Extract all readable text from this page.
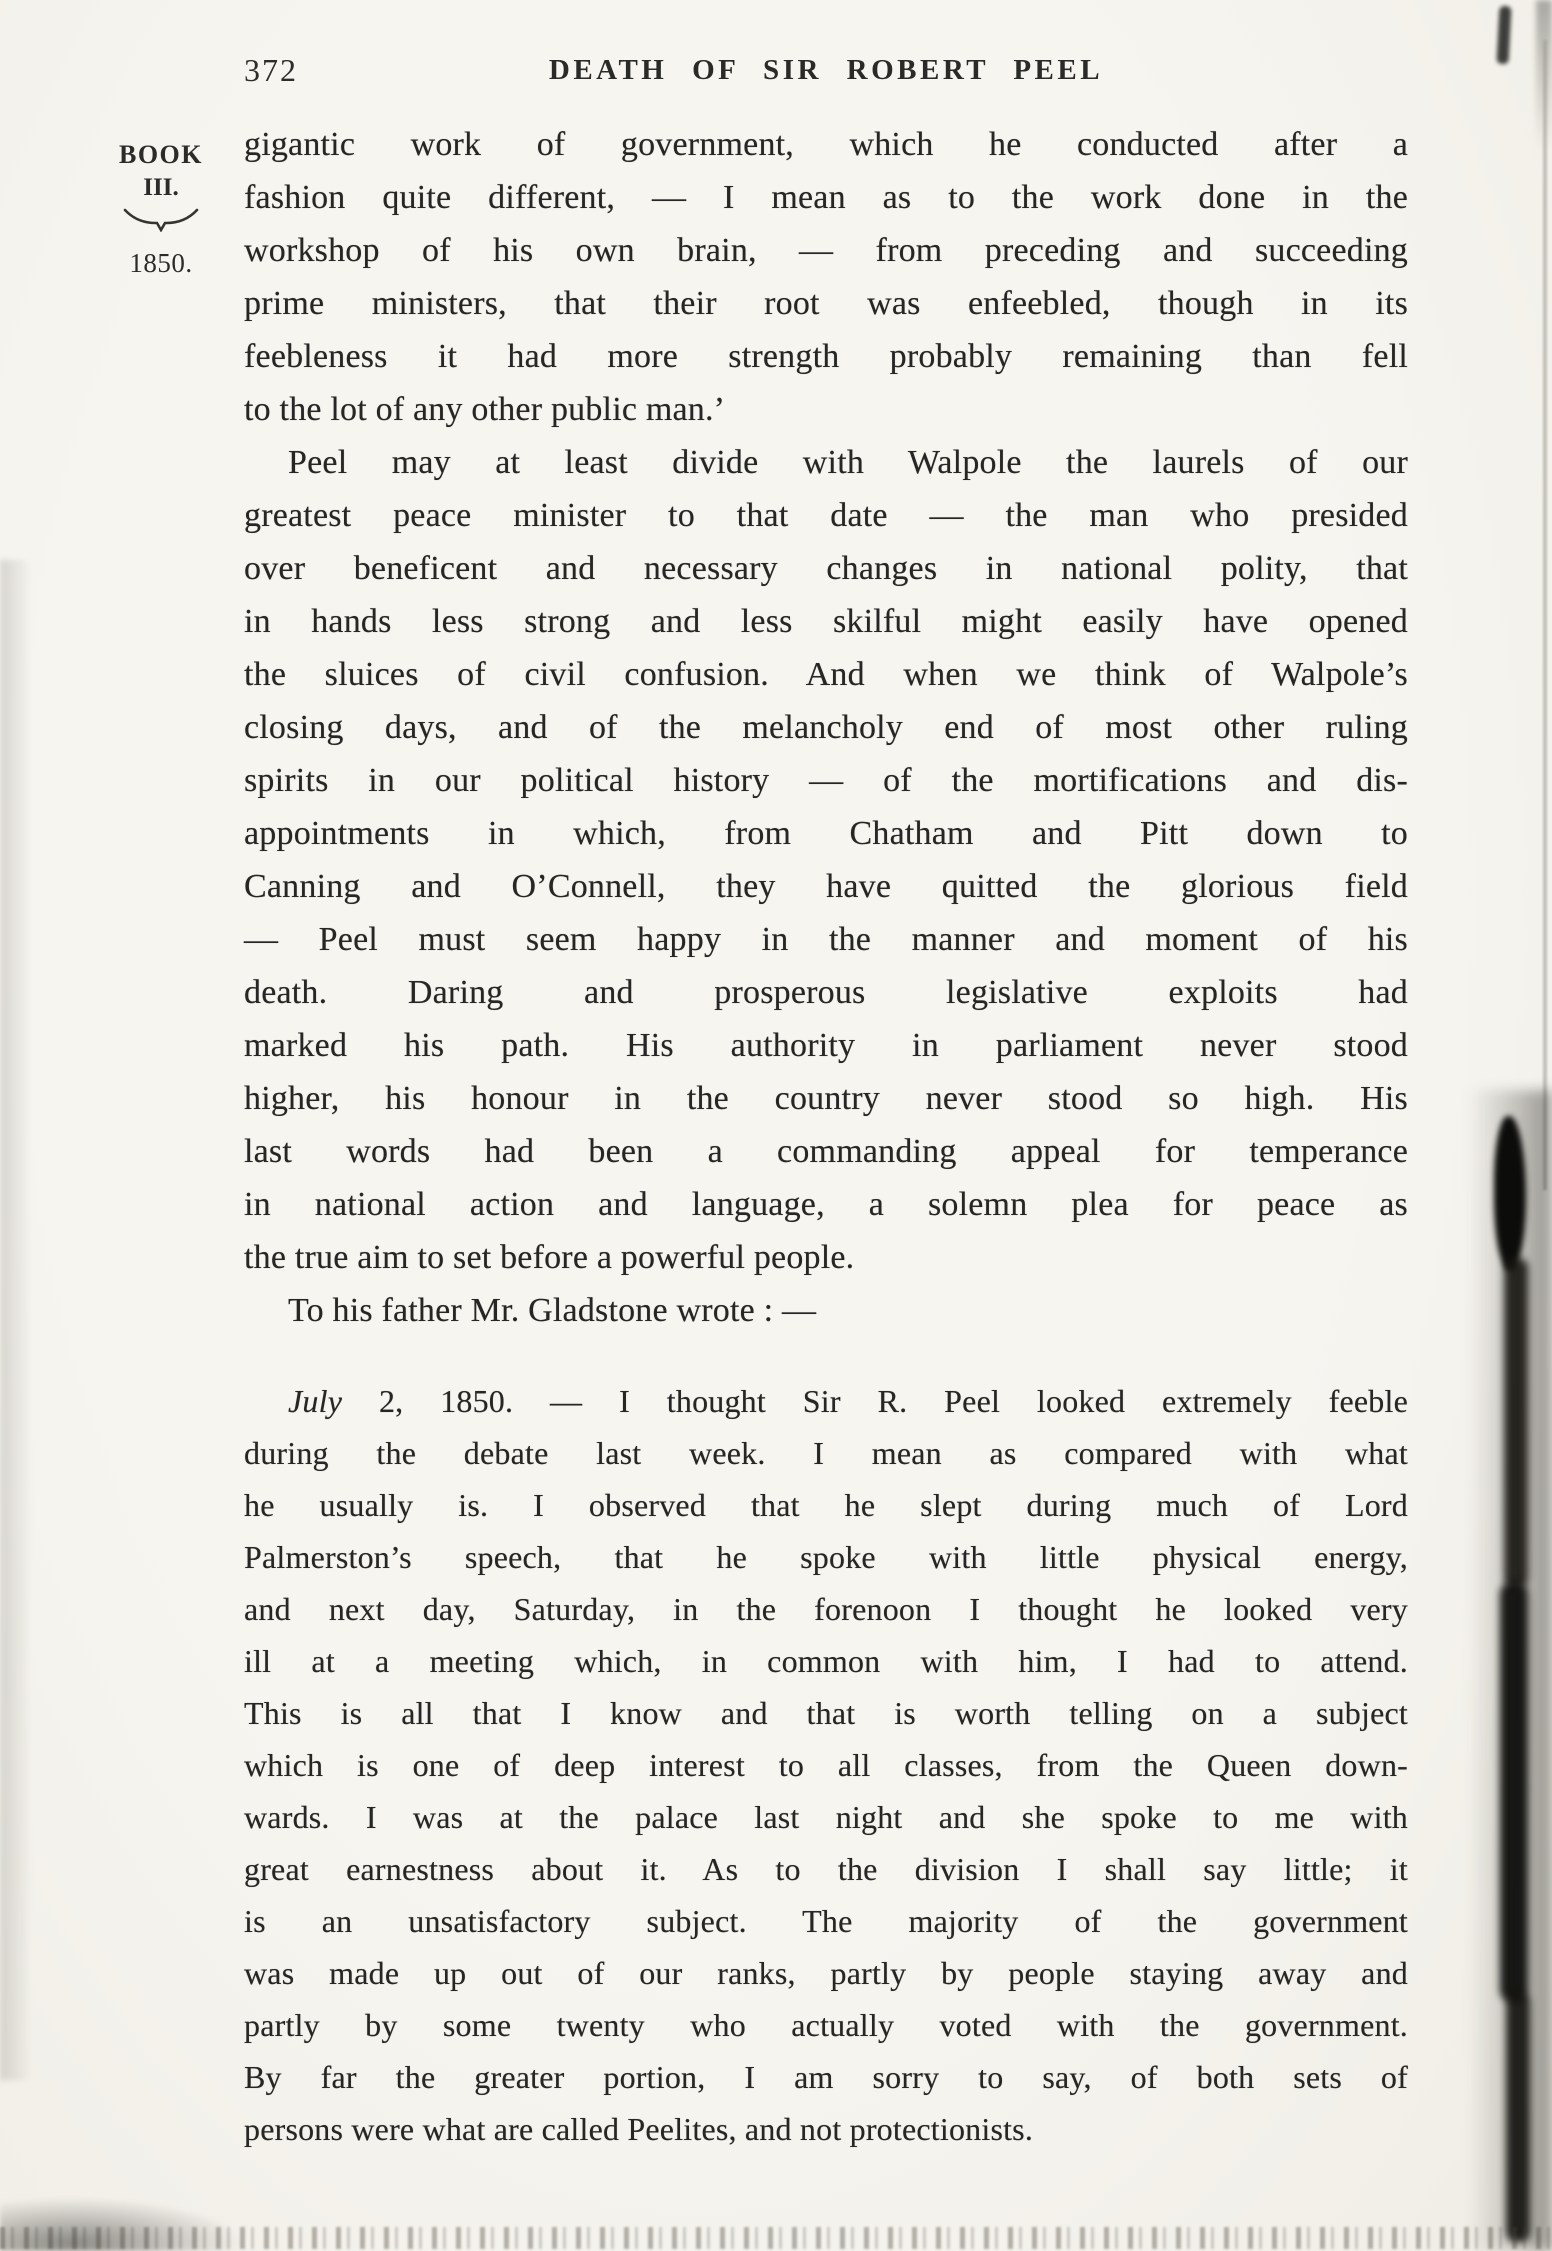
372	DEATH OF SIR ROBERT PEEL
BOOK
III.
1850.
gigantic work of government, which he conducted after a
fashion quite different, — I mean as to the work done in the
workshop of his own brain, — from preceding and succeeding
prime ministers, that their root was enfeebled, though in its
feebleness it had more strength probably remaining than fell
to the lot of any other public man.’
Peel may at least divide with Walpole the laurels of our
greatest peace minister to that date — the man who presided
over beneficent and necessary changes in national polity, that
in hands less strong and less skilful might easily have opened
the sluices of civil confusion. And when we think of Walpole’s
closing days, and of the melancholy end of most other ruling
spirits in our political history — of the mortifications and dis-
appointments in which, from Chatham and Pitt down to
Canning and O’Connell, they have quitted the glorious field
— Peel must seem happy in the manner and moment of his
death. Daring and prosperous legislative exploits had
marked his path. His authority in parliament never stood
higher, his honour in the country never stood so high. His
last words had been a commanding appeal for temperance
in national action and language, a solemn plea for peace as
the true aim to set before a powerful people.
To his father Mr. Gladstone wrote : —
July 2, 1850. — I thought Sir R. Peel looked extremely feeble
during the debate last week. I mean as compared with what
he usually is. I observed that he slept during much of Lord
Palmerston’s speech, that he spoke with little physical energy,
and next day, Saturday, in the forenoon I thought he looked very
ill at a meeting which, in common with him, I had to attend.
This is all that I know and that is worth telling on a subject
which is one of deep interest to all classes, from the Queen down-
wards. I was at the palace last night and she spoke to me with
great earnestness about it. As to the division I shall say little; it
is an unsatisfactory subject. The majority of the government
was made up out of our ranks, partly by people staying away and
partly by some twenty who actually voted with the government.
By far the greater portion, I am sorry to say, of both sets of
persons were what are called Peelites, and not protectionists.
